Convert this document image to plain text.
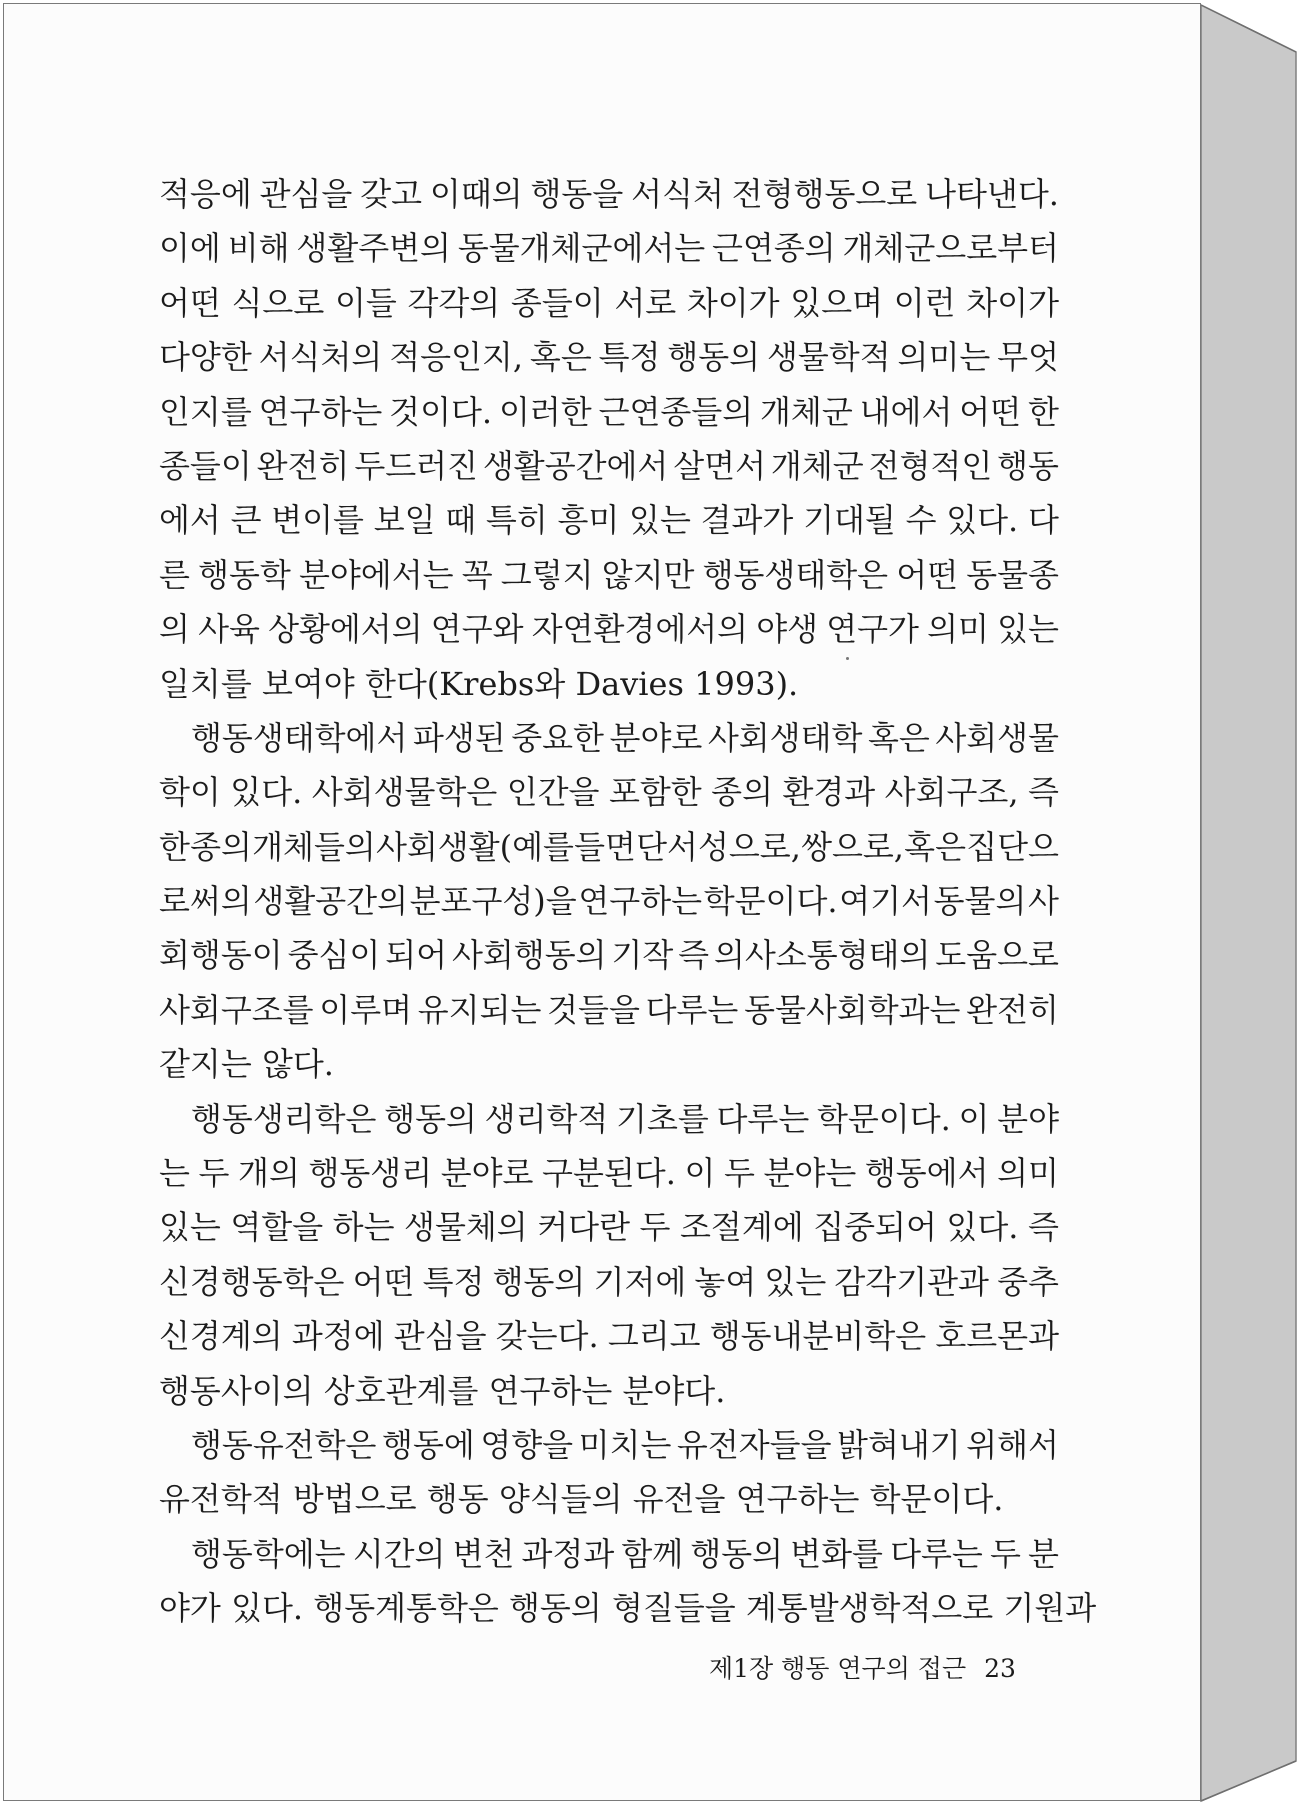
적응에 관심을 갖고 이때의 행동을 서식처 전형행동으로 나타낸다.
이에 비해 생활주변의 동물개체군에서는 근연종의 개체군으로부터
어떤 식으로 이들 각각의 종들이 서로 차이가 있으며 이런 차이가
다양한 서식처의 적응인지, 혹은 특정 행동의 생물학적 의미는 무엇
인지를 연구하는 것이다. 이러한 근연종들의 개체군 내에서 어떤 한
종들이 완전히 두드러진 생활공간에서 살면서 개체군 전형적인 행동
에서 큰 변이를 보일 때 특히 흥미 있는 결과가 기대될 수 있다. 다
른 행동학 분야에서는 꼭 그렇지 않지만 행동생태학은 어떤 동물종
의 사육 상황에서의 연구와 자연환경에서의 야생 연구가 의미 있는
일치를 보여야 한다(Krebs와 Davies 1993).
행동생태학에서 파생된 중요한 분야로 사회생태학 혹은 사회생물
학이 있다. 사회생물학은 인간을 포함한 종의 환경과 사회구조, 즉
한 종의 개체들의 사회생활(예를 들면 단서성으로, 쌍으로, 혹은 집단으
로써의 생활공간의 분포구성)을 연구하는 학문이다. 여기서 동물의 사
회행동이 중심이 되어 사회행동의 기작 즉 의사소통형태의 도움으로
사회구조를 이루며 유지되는 것들을 다루는 동물사회학과는 완전히
같지는 않다.
행동생리학은 행동의 생리학적 기초를 다루는 학문이다. 이 분야
는 두 개의 행동생리 분야로 구분된다. 이 두 분야는 행동에서 의미
있는 역할을 하는 생물체의 커다란 두 조절계에 집중되어 있다. 즉
신경행동학은 어떤 특정 행동의 기저에 놓여 있는 감각기관과 중추
신경계의 과정에 관심을 갖는다. 그리고 행동내분비학은 호르몬과
행동사이의 상호관계를 연구하는 분야다.
행동유전학은 행동에 영향을 미치는 유전자들을 밝혀내기 위해서
유전학적 방법으로 행동 양식들의 유전을 연구하는 학문이다.
행동학에는 시간의 변천 과정과 함께 행동의 변화를 다루는 두 분
야가 있다. 행동계통학은 행동의 형질들을 계통발생학적으로 기원과
제1장 행동 연구의 접근 23
